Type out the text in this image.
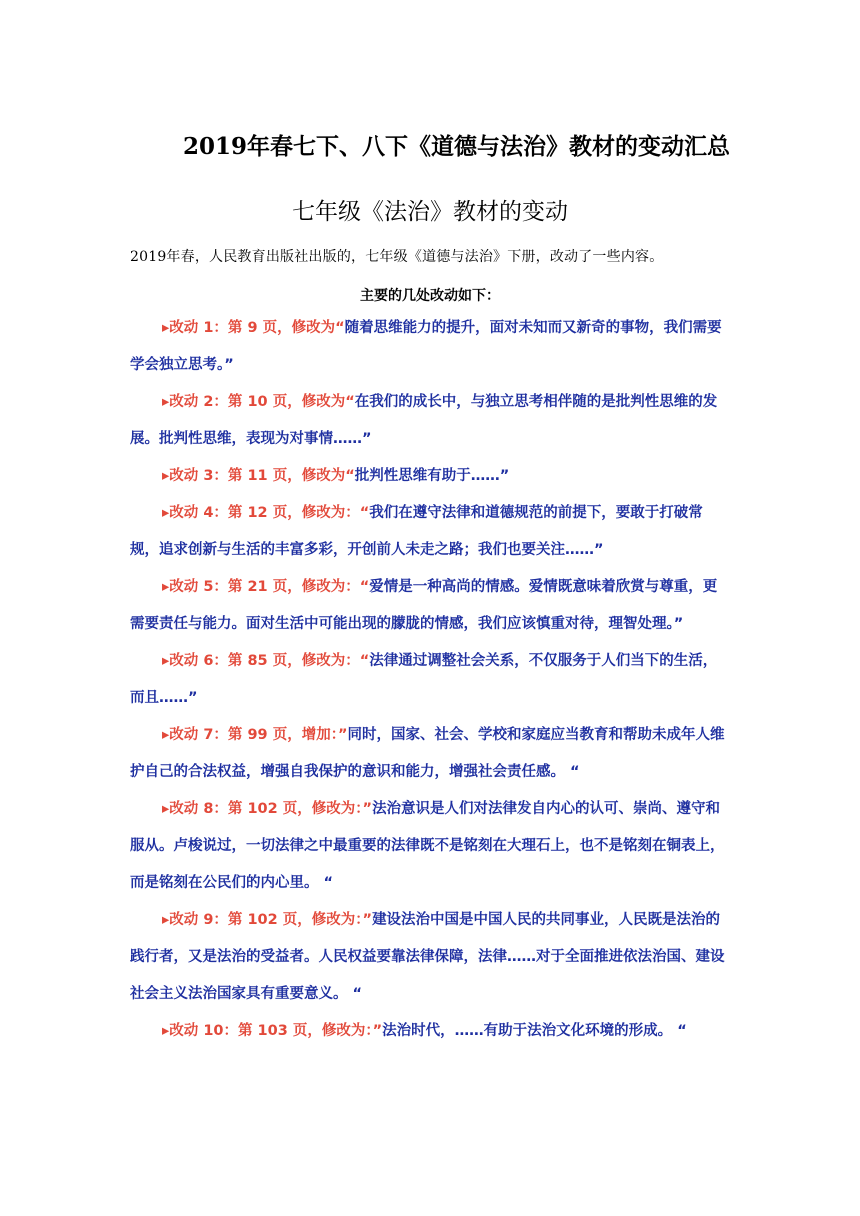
2019年春七下、八下《道德与法治》教材的变动汇总
七年级《法治》教材的变动
2019年春，人民教育出版社出版的，七年级《道德与法治》下册，改动了一些内容。
主要的几处改动如下：

▸改动 1：第 9 页，修改为“随着思维能力的提升，面对未知而又新奇的事物，我们需要学会独立思考。”

▸改动 2：第 10 页，修改为“在我们的成长中，与独立思考相伴随的是批判性思维的发展。批判性思维，表现为对事情……”

▸改动 3：第 11 页，修改为“批判性思维有助于……”

▸改动 4：第 12 页，修改为：“我们在遵守法律和道德规范的前提下，要敢于打破常规，追求创新与生活的丰富多彩，开创前人未走之路；我们也要关注……”

▸改动 5：第 21 页，修改为：“爱情是一种高尚的情感。爱情既意味着欣赏与尊重，更需要责任与能力。面对生活中可能出现的朦胧的情感，我们应该慎重对待，理智处理。”

▸改动 6：第 85 页，修改为：“法律通过调整社会关系，不仅服务于人们当下的生活，而且……”

▸改动 7：第 99 页，增加：”同时，国家、社会、学校和家庭应当教育和帮助未成年人维护自己的合法权益，增强自我保护的意识和能力，增强社会责任感。 “

▸改动 8：第 102 页，修改为：”法治意识是人们对法律发自内心的认可、崇尚、遵守和服从。卢梭说过，一切法律之中最重要的法律既不是铭刻在大理石上，也不是铭刻在铜表上，而是铭刻在公民们的内心里。 “

▸改动 9：第 102 页，修改为：”建设法治中国是中国人民的共同事业，人民既是法治的践行者，又是法治的受益者。人民权益要靠法律保障，法律……对于全面推进依法治国、建设社会主义法治国家具有重要意义。 “

▸改动 10：第 103 页，修改为：”法治时代，……有助于法治文化环境的形成。 “
